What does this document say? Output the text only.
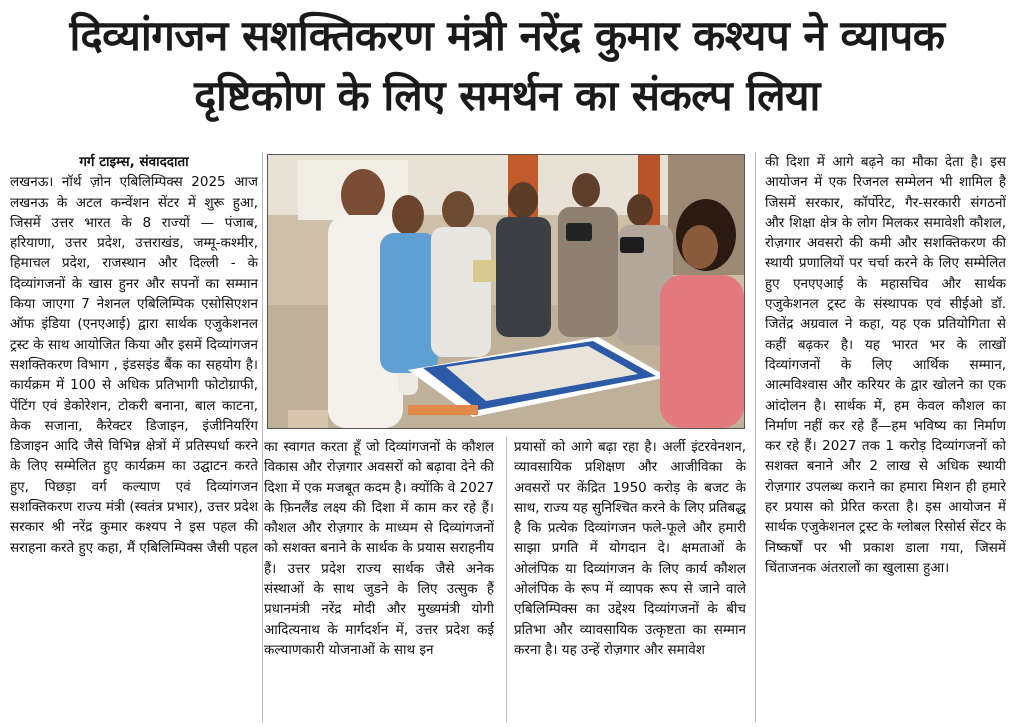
दिव्यांगजन सशक्तिकरण मंत्री नरेंद्र कुमार कश्यप ने व्यापक
दृष्टिकोण के लिए समर्थन का संकल्प लिया
गर्ग टाइम्स, संवाददाता

लखनऊ। नॉर्थ ज़ोन एबिलिम्पिक्स 2025 आज लखनऊ के अटल कन्वेंशन सेंटर में शुरू हुआ, जिसमें उत्तर भारत के 8 राज्यों — पंजाब, हरियाणा, उत्तर प्रदेश, उत्तराखंड, जम्मू-कश्मीर, हिमाचल प्रदेश, राजस्थान और दिल्ली - के दिव्यांगजनों के खास हुनर और सपनों का सम्मान किया जाएगा 7 नेशनल एबिलिम्पिक एसोसिएशन ऑफ इंडिया (एनएआई) द्वारा सार्थक एजुकेशनल ट्रस्ट के साथ आयोजित किया और इसमें दिव्यांगजन सशक्तिकरण विभाग , इंडसइंड बैंक का सहयोग है। कार्यक्रम में 100 से अधिक प्रतिभागी फोटोग्राफी, पेंटिंग एवं डेकोरेशन, टोकरी बनाना, बाल काटना, केक सजाना, कैरेक्टर डिजाइन, इंजीनियरिंग डिजाइन आदि जैसे विभिन्न क्षेत्रों में प्रतिस्पर्धा करने के लिए सम्मेलित हुए कार्यक्रम का उद्घाटन करते हुए, पिछड़ा वर्ग कल्याण एवं दिव्यांगजन सशक्तिकरण राज्य मंत्री (स्वतंत्र प्रभार), उत्तर प्रदेश सरकार श्री नरेंद्र कुमार कश्यप ने इस पहल की सराहना करते हुए कहा, मैं एबिलिम्पिक्स जैसी पहल

का स्वागत करता हूँ जो दिव्यांगजनों के कौशल विकास और रोज़गार अवसरों को बढ़ावा देने की दिशा में एक मजबूत कदम है। क्योंकि वे 2027 के फ़िनलैंड लक्ष्य की दिशा में काम कर रहे हैं। कौशल और रोज़गार के माध्यम से दिव्यांगजनों को सशक्त बनाने के सार्थक के प्रयास सराहनीय हैं। उत्तर प्रदेश राज्य सार्थक जैसे अनेक संस्थाओं के साथ जुडने के लिए उत्सुक हैं प्रधानमंत्री नरेंद्र मोदी और मुख्यमंत्री योगी आदित्यनाथ के मार्गदर्शन में, उत्तर प्रदेश कई कल्याणकारी योजनाओं के साथ इन

प्रयासों को आगे बढ़ा रहा है। अर्ली इंटरवेनशन, व्यावसायिक प्रशिक्षण और आजीविका के अवसरों पर केंद्रित 1950 करोड़ के बजट के साथ, राज्य यह सुनिश्चित करने के लिए प्रतिबद्ध है कि प्रत्येक दिव्यांगजन फले-फूले और हमारी साझा प्रगति में योगदान दे। क्षमताओं के ओलंपिक या दिव्यांगजन के लिए कार्य कौशल ओलंपिक के रूप में व्यापक रूप से जाने वाले एबिलिम्पिक्स का उद्देश्य दिव्यांगजनों के बीच प्रतिभा और व्यावसायिक उत्कृष्टता का सम्मान करना है। यह उन्हें रोज़गार और समावेश

की दिशा में आगे बढ़ने का मौका देता है। इस आयोजन में एक रिजनल सम्मेलन भी शामिल है जिसमें सरकार, कॉर्पोरेट, गैर-सरकारी संगठनों और शिक्षा क्षेत्र के लोग मिलकर समावेशी कौशल, रोज़गार अवसरो की कमी और सशक्तिकरण की स्थायी प्रणालियों पर चर्चा करने के लिए सम्मेलित हुए एनएएआई के महासचिव और सार्थक एजुकेशनल ट्रस्ट के संस्थापक एवं सीईओ डॉ. जितेंद्र अग्रवाल ने कहा, यह एक प्रतियोगिता से कहीं बढ़कर है। यह भारत भर के लाखों दिव्यांगजनों के लिए आर्थिक सम्मान, आत्मविश्वास और करियर के द्वार खोलने का एक आंदोलन है। सार्थक में, हम केवल कौशल का निर्माण नहीं कर रहे हैं—हम भविष्य का निर्माण कर रहे हैं। 2027 तक 1 करोड़ दिव्यांगजनों को सशक्त बनाने और 2 लाख से अधिक स्थायी रोज़गार उपलब्ध कराने का हमारा मिशन ही हमारे हर प्रयास को प्रेरित करता है। इस आयोजन में सार्थक एजुकेशनल ट्रस्ट के ग्लोबल रिसोर्स सेंटर के निष्कर्षों पर भी प्रकाश डाला गया, जिसमें चिंताजनक अंतरालों का खुलासा हुआ।
